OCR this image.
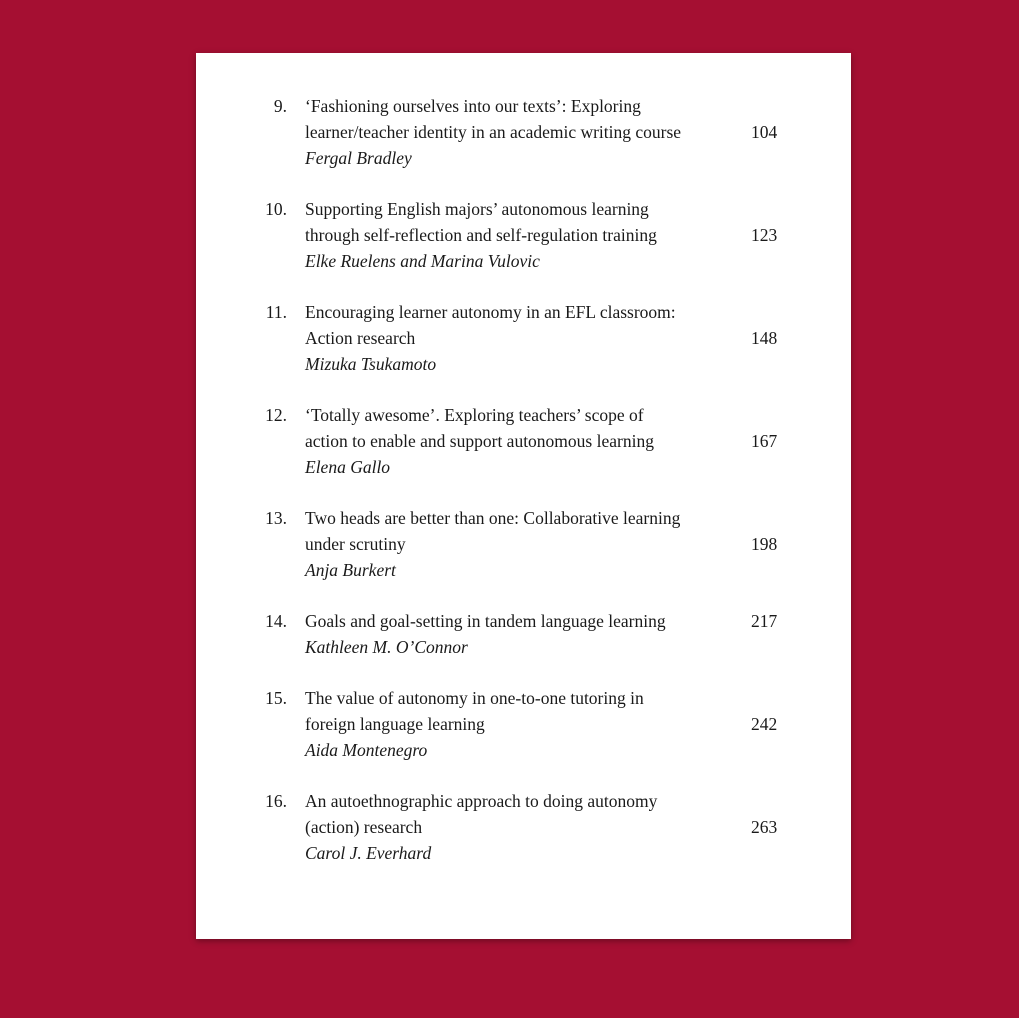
9. ‘Fashioning ourselves into our texts’: Exploring
learner/teacher identity in an academic writing course
Fergal Bradley
104
10. Supporting English majors’ autonomous learning
through self-reflection and self-regulation training
Elke Ruelens and Marina Vulovic
123
11. Encouraging learner autonomy in an EFL classroom:
Action research
Mizuka Tsukamoto
148
12. ‘Totally awesome’. Exploring teachers’ scope of
action to enable and support autonomous learning
Elena Gallo
167
13. Two heads are better than one: Collaborative learning
under scrutiny
Anja Burkert
198
14. Goals and goal-setting in tandem language learning
Kathleen M. O’Connor
217
15. The value of autonomy in one-to-one tutoring in
foreign language learning
Aida Montenegro
242
16. An autoethnographic approach to doing autonomy
(action) research
Carol J. Everhard
263
